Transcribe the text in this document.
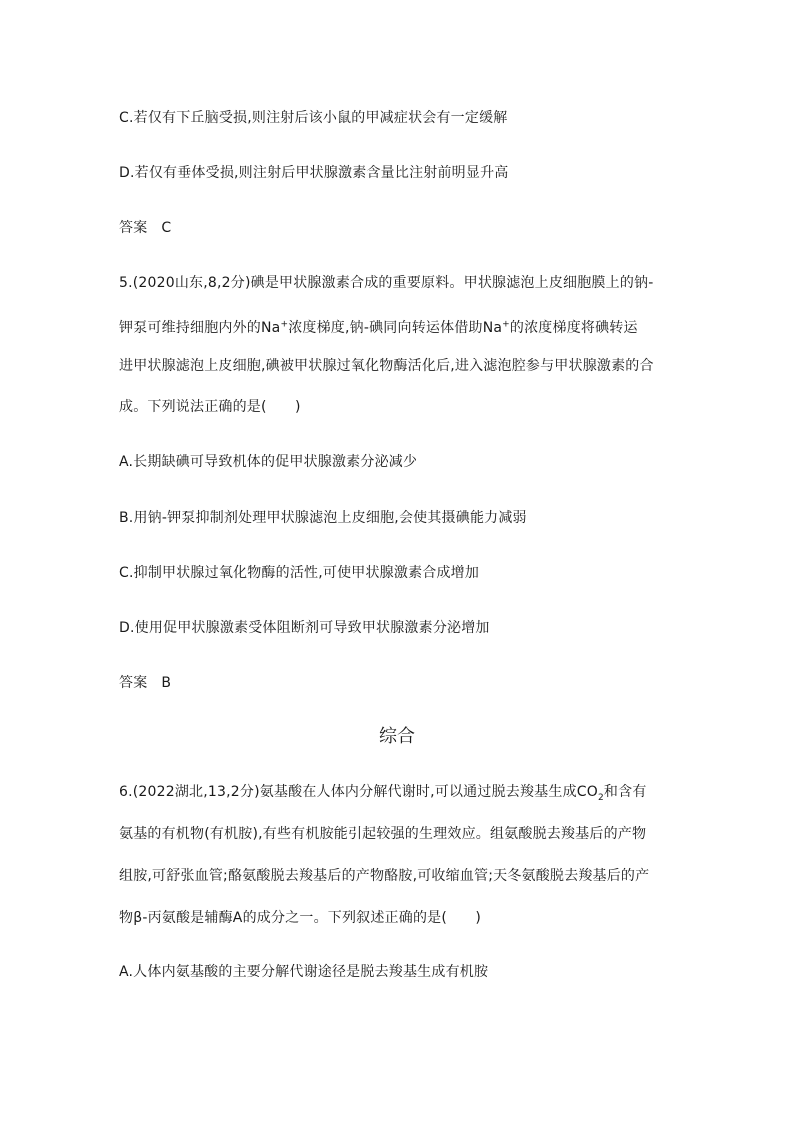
C.若仅有下丘脑受损,则注射后该小鼠的甲减症状会有一定缓解
D.若仅有垂体受损,则注射后甲状腺激素含量比注射前明显升高
答案 C
5.(2020山东,8,2分)碘是甲状腺激素合成的重要原料。甲状腺滤泡上皮细胞膜上的钠-
钾泵可维持细胞内外的Na+浓度梯度,钠-碘同向转运体借助Na+的浓度梯度将碘转运
进甲状腺滤泡上皮细胞,碘被甲状腺过氧化物酶活化后,进入滤泡腔参与甲状腺激素的合
成。下列说法正确的是(　　)
A.长期缺碘可导致机体的促甲状腺激素分泌减少
B.用钠-钾泵抑制剂处理甲状腺滤泡上皮细胞,会使其摄碘能力减弱
C.抑制甲状腺过氧化物酶的活性,可使甲状腺激素合成增加
D.使用促甲状腺激素受体阻断剂可导致甲状腺激素分泌增加
答案 B
综合
6.(2022湖北,13,2分)氨基酸在人体内分解代谢时,可以通过脱去羧基生成$CO_2$和含有
氨基的有机物(有机胺),有些有机胺能引起较强的生理效应。组氨酸脱去羧基后的产物
组胺,可舒张血管;酪氨酸脱去羧基后的产物酪胺,可收缩血管;天冬氨酸脱去羧基后的产
物β-丙氨酸是辅酶A的成分之一。下列叙述正确的是(　　)
A.人体内氨基酸的主要分解代谢途径是脱去羧基生成有机胺
